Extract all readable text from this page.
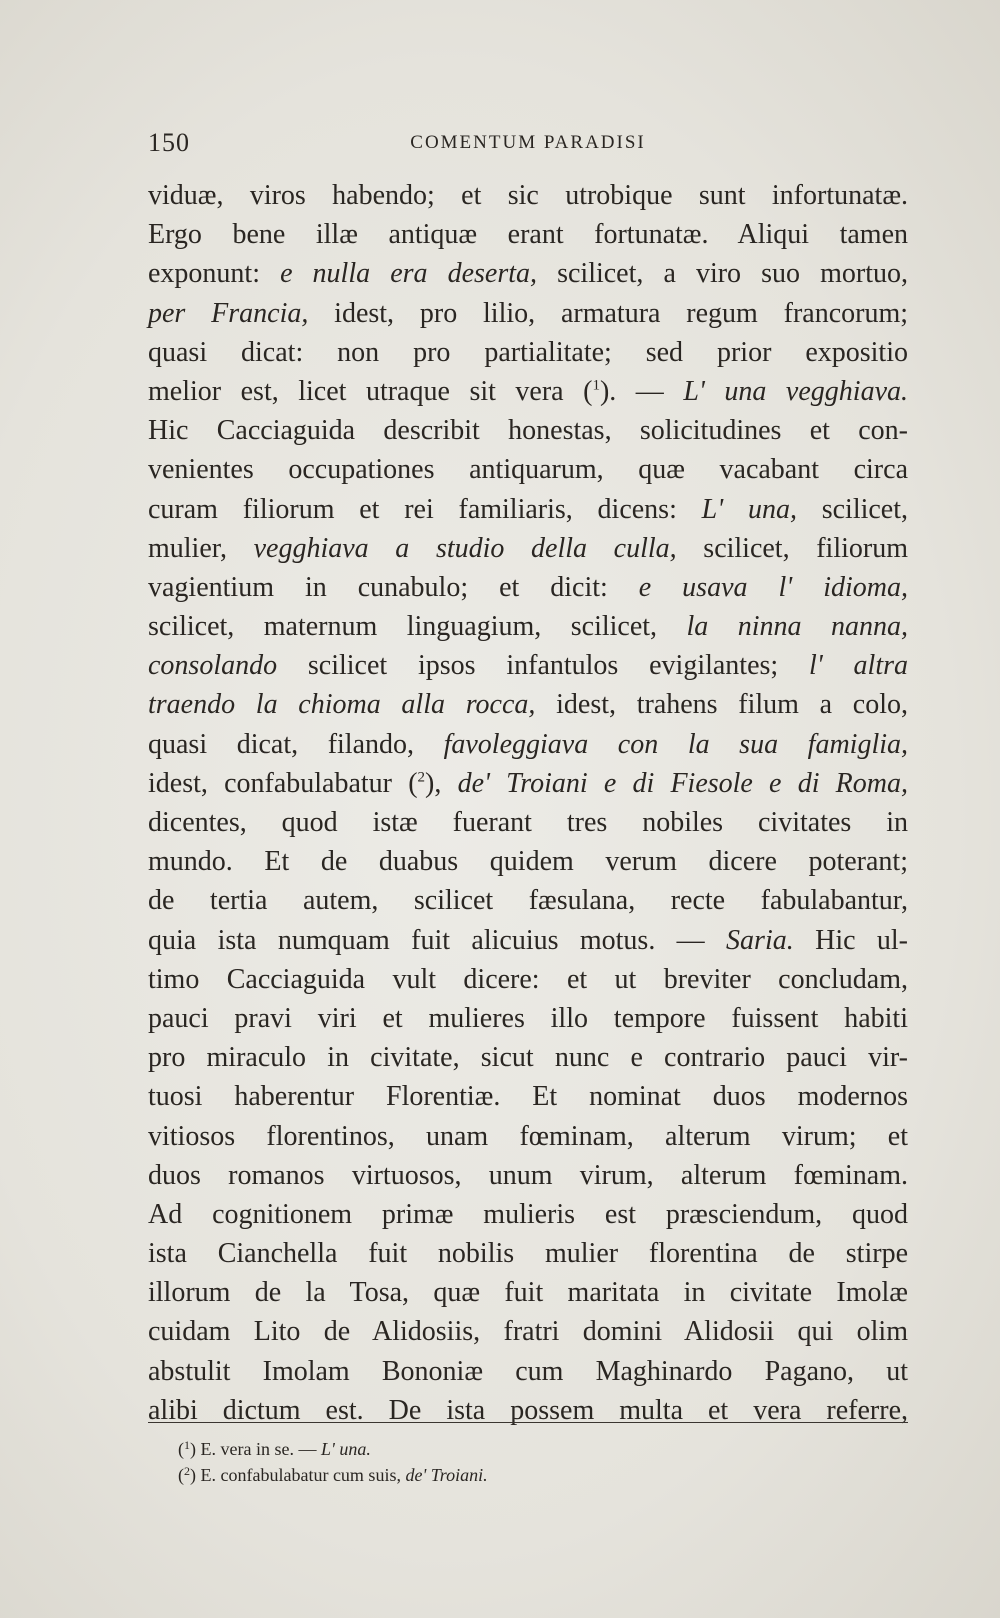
150	COMENTUM PARADISI
viduæ, viros habendo; et sic utrobique sunt infortunatæ.
Ergo bene illæ antiquæ erant fortunatæ. Aliqui tamen
exponunt: e nulla era deserta, scilicet, a viro suo mortuo,
per Francia, idest, pro lilio, armatura regum francorum;
quasi dicat: non pro partialitate; sed prior expositio
melior est, licet utraque sit vera ($^1$). — L' una vegghiava.
Hic Cacciaguida describit honestas, solicitudines et con-
venientes occupationes antiquarum, quæ vacabant circa
curam filiorum et rei familiaris, dicens: L' una, scilicet,
mulier, vegghiava a studio della culla, scilicet, filiorum
vagientium in cunabulo; et dicit: e usava l' idioma,
scilicet, maternum linguagium, scilicet, la ninna nanna,
consolando scilicet ipsos infantulos evigilantes; l' altra
traendo la chioma alla rocca, idest, trahens filum a colo,
quasi dicat, filando, favoleggiava con la sua famiglia,
idest, confabulabatur ($^2$), de' Troiani e di Fiesole e di Roma,
dicentes, quod istæ fuerant tres nobiles civitates in
mundo. Et de duabus quidem verum dicere poterant;
de tertia autem, scilicet fæsulana, recte fabulabantur,
quia ista numquam fuit alicuius motus. — Saria. Hic ul-
timo Cacciaguida vult dicere: et ut breviter concludam,
pauci pravi viri et mulieres illo tempore fuissent habiti
pro miraculo in civitate, sicut nunc e contrario pauci vir-
tuosi haberentur Florentiæ. Et nominat duos modernos
vitiosos florentinos, unam fœminam, alterum virum; et
duos romanos virtuosos, unum virum, alterum fœminam.
Ad cognitionem primæ mulieris est præsciendum, quod
ista Cianchella fuit nobilis mulier florentina de stirpe
illorum de la Tosa, quæ fuit maritata in civitate Imolæ
cuidam Lito de Alidosiis, fratri domini Alidosii qui olim
abstulit Imolam Bononiæ cum Maghinardo Pagano, ut
alibi dictum est. De ista possem multa et vera referre,
($^1$) E. vera in se. — L' una.
($^2$) E. confabulabatur cum suis, de' Troiani.
